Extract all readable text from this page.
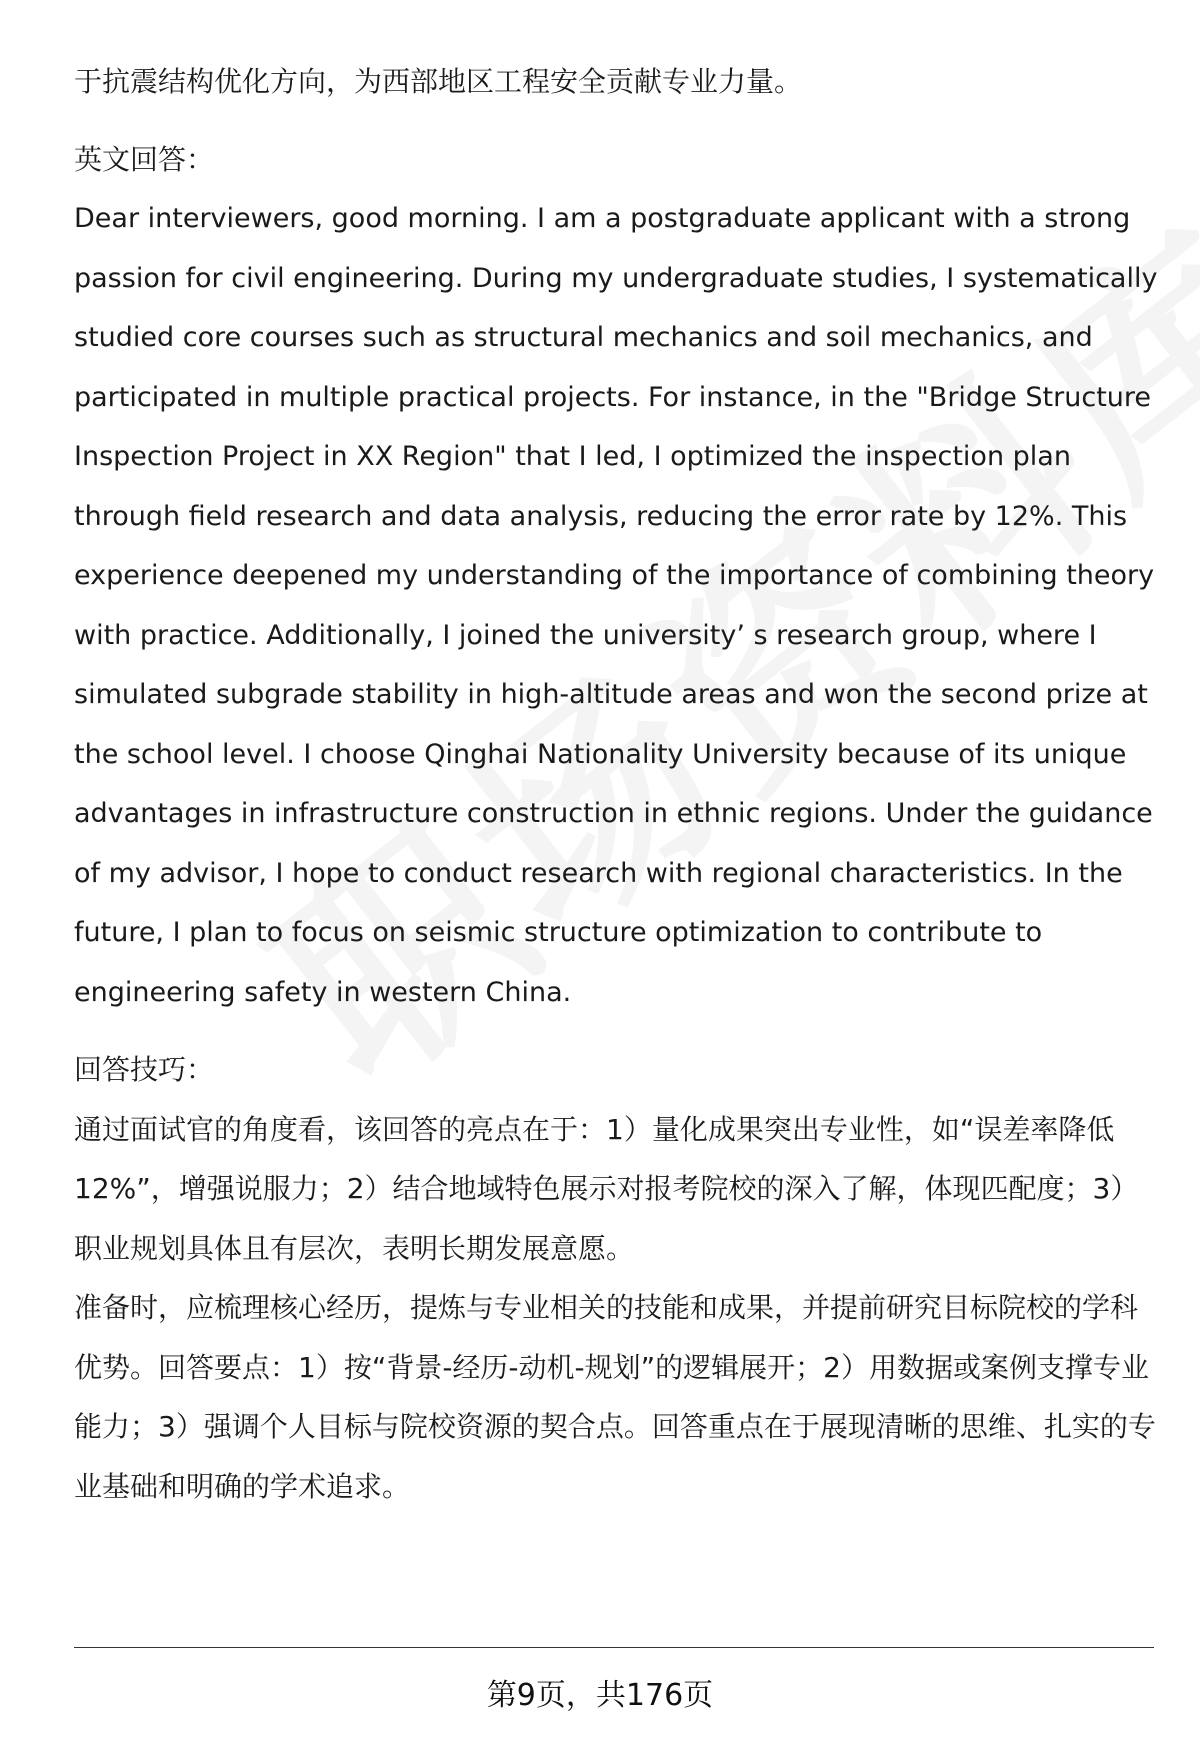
于抗震结构优化方向，为西部地区工程安全贡献专业力量。

英文回答：

Dear interviewers, good morning. I am a postgraduate applicant with a strong passion for civil engineering. During my undergraduate studies, I systematically studied core courses such as structural mechanics and soil mechanics, and participated in multiple practical projects. For instance, in the "Bridge Structure Inspection Project in XX Region" that I led, I optimized the inspection plan through field research and data analysis, reducing the error rate by 12%. This experience deepened my understanding of the importance of combining theory with practice. Additionally, I joined the university’ s research group, where I simulated subgrade stability in high-altitude areas and won the second prize at the school level. I choose Qinghai Nationality University because of its unique advantages in infrastructure construction in ethnic regions. Under the guidance of my advisor, I hope to conduct research with regional characteristics. In the future, I plan to focus on seismic structure optimization to contribute to engineering safety in western China.

回答技巧：

通过面试官的角度看，该回答的亮点在于：1）量化成果突出专业性，如“误差率降低12%”，增强说服力；2）结合地域特色展示对报考院校的深入了解，体现匹配度；3）职业规划具体且有层次，表明长期发展意愿。

准备时，应梳理核心经历，提炼与专业相关的技能和成果，并提前研究目标院校的学科优势。回答要点：1）按“背景-经历-动机-规划”的逻辑展开；2）用数据或案例支撑专业能力；3）强调个人目标与院校资源的契合点。回答重点在于展现清晰的思维、扎实的专业基础和明确的学术追求。

第9页，共176页
